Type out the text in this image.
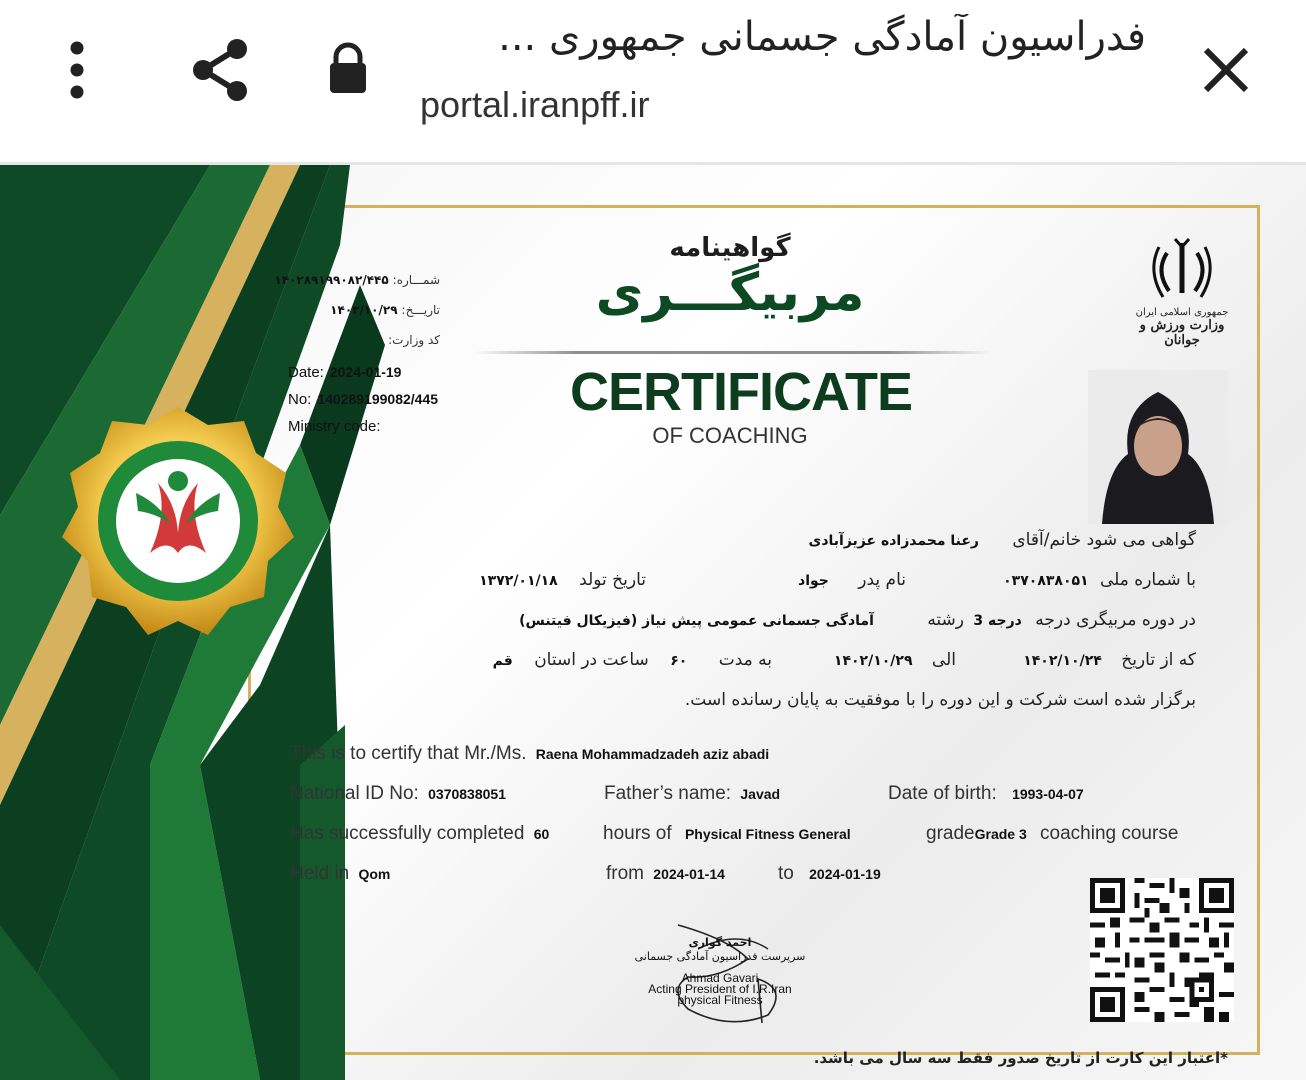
فدراسیون آمادگی جسمانی جمهوری ...
portal.iranpff.ir
جمهوری اسلامی ایران
وزارت ورزش و جوانان
گواهینامه
مربیگـــری
CERTIFICATE
OF COACHING
شمـــاره:۱۴۰۲۸۹۱۹۹۰۸۲/۴۴۵
تاریـــخ:۱۴۰۲/۱۰/۲۹
کد وزارت:
Date: 2024-01-19
No: 140289199082/445
Ministry code:
گواهی می شود خانم/آقای رعنا محمدزاده عزیزآبادی
با شماره ملی ۰۳۷۰۸۳۸۰۵۱
نام پدر جواد
تاریخ تولد ۱۳۷۲/۰۱/۱۸
در دوره مربیگری درجه درجه 3 رشته آمادگی جسمانی عمومی پیش نیاز (فیزیکال فیتنس)
که از تاریخ ۱۴۰۲/۱۰/۲۴
الی ۱۴۰۲/۱۰/۲۹
به مدت ۶۰ ساعت در استان قم
برگزار شده است شرکت و این دوره را با موفقیت به پایان رسانده است.
This is to certify that Mr./Ms. Raena Mohammadzadeh aziz abadi
National ID No: 0370838051	Father’s name: Javad	Date of birth: 1993-04-07
Has successfully completed 60	hours of Physical Fitness General	gradeGrade 3 coaching course
Held in Qom	from 2024-01-14	to 2024-01-19
احمد گواری
سرپرست فدراسیون آمادگی جسمانی
Ahmad Gavari
Acting President of I.R.Iran
physical Fitness
*اعتبار این کارت از تاریخ صدور فقط سه سال می باشد.
